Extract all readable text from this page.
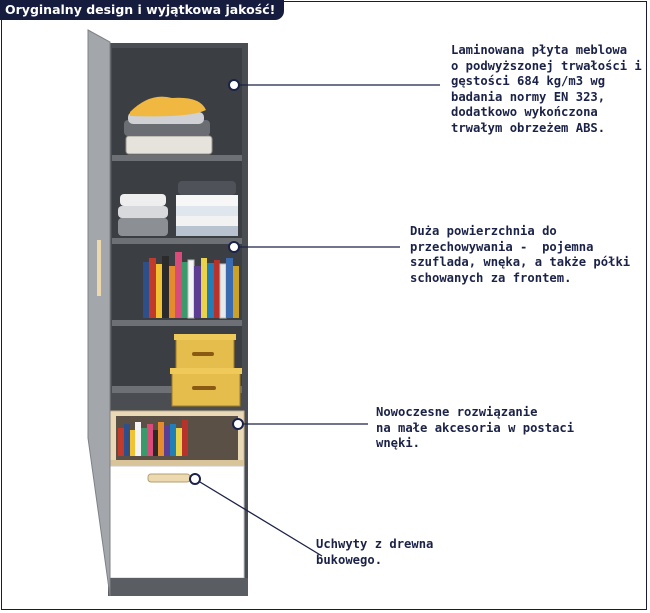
Oryginalny design i wyjątkowa jakość!
Laminowana płyta meblowa
o podwyższonej trwałości i
gęstości 684 kg/m3 wg
badania normy EN 323,
dodatkowo wykończona
trwałym obrzeżem ABS.
Duża powierzchnia do
przechowywania -  pojemna
szuflada, wnęka, a także półki
schowanych za frontem.
Nowoczesne rozwiązanie
na małe akcesoria w postaci
wnęki.
Uchwyty z drewna
bukowego.
